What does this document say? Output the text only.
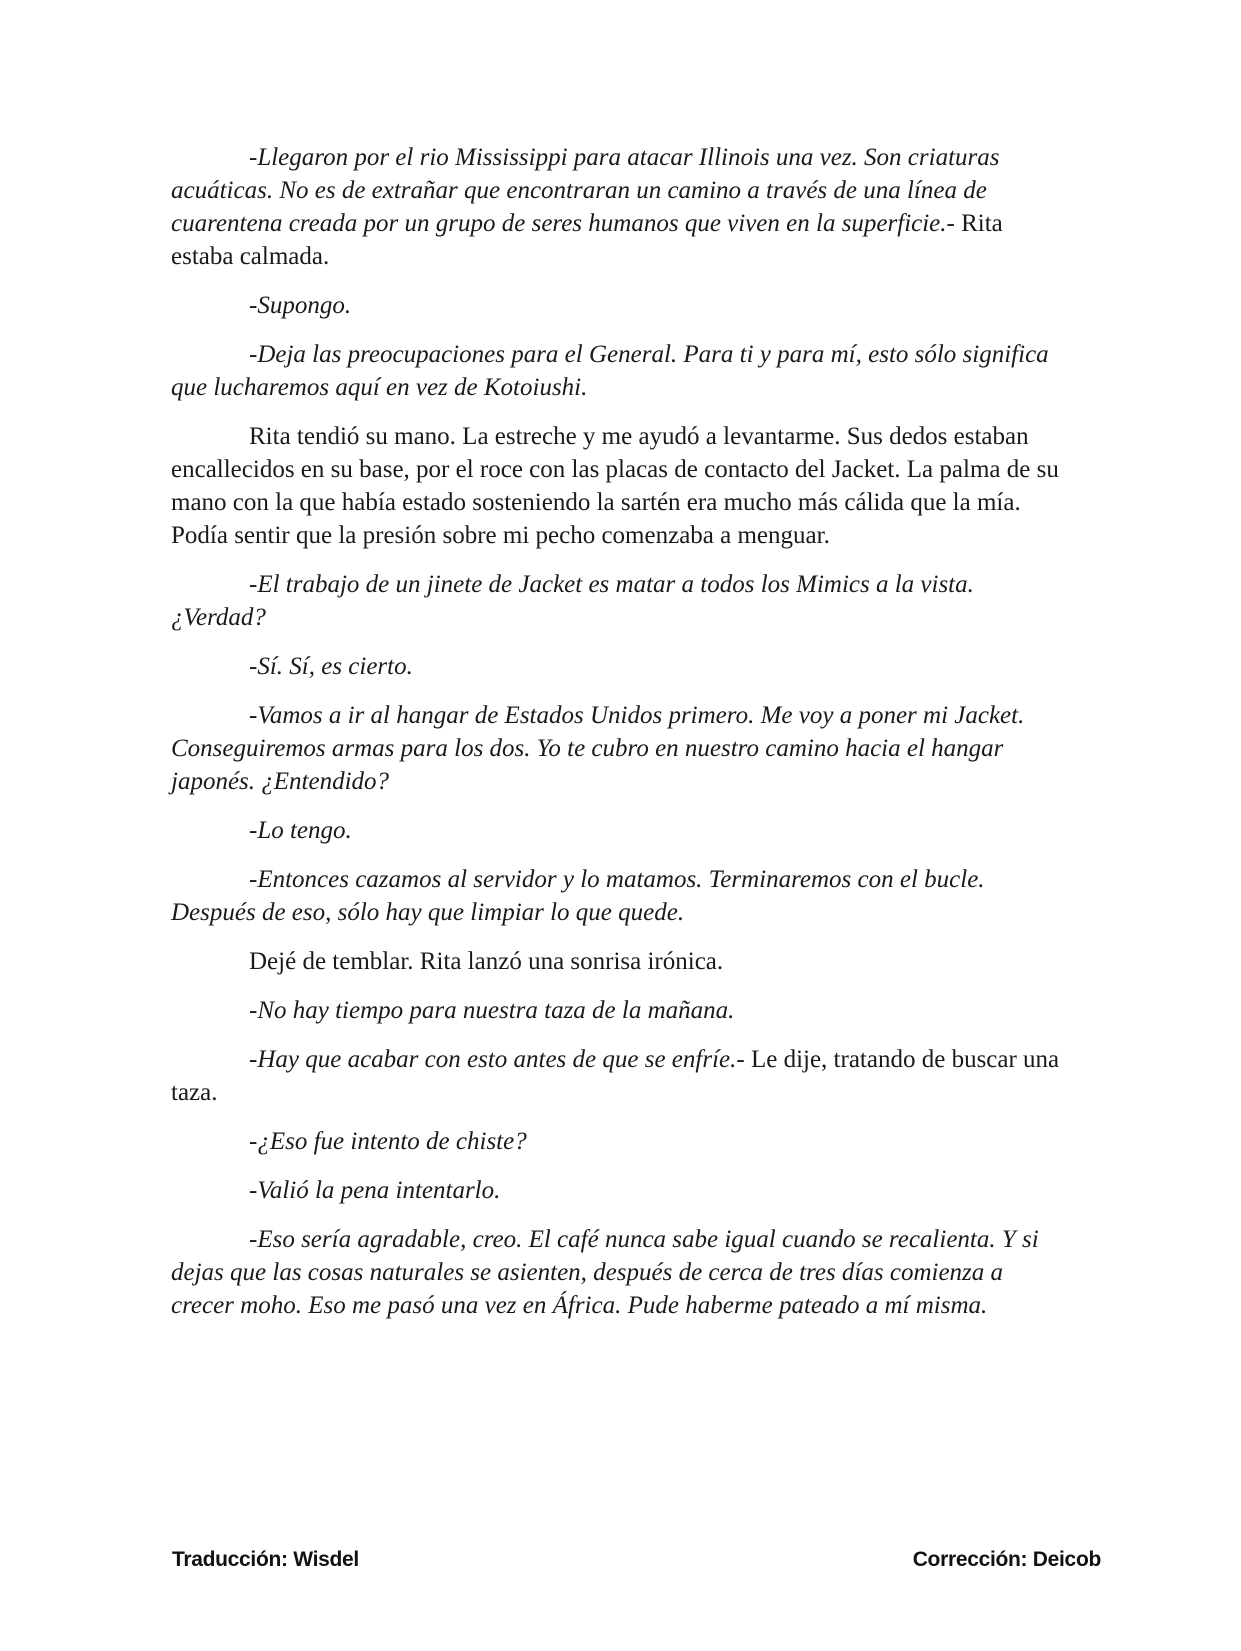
-Llegaron por el rio Mississippi para atacar Illinois una vez. Son criaturas acuáticas. No es de extrañar que encontraran un camino a través de una línea de cuarentena creada por un grupo de seres humanos que viven en la superficie.- Rita estaba calmada.

-Supongo.

-Deja las preocupaciones para el General. Para ti y para mí, esto sólo significa que lucharemos aquí en vez de Kotoiushi.

Rita tendió su mano. La estreche y me ayudó a levantarme. Sus dedos estaban encallecidos en su base, por el roce con las placas de contacto del Jacket. La palma de su mano con la que había estado sosteniendo la sartén era mucho más cálida que la mía. Podía sentir que la presión sobre mi pecho comenzaba a menguar.

-El trabajo de un jinete de Jacket es matar a todos los Mimics a la vista. ¿Verdad?

-Sí. Sí, es cierto.

-Vamos a ir al hangar de Estados Unidos primero. Me voy a poner mi Jacket. Conseguiremos armas para los dos. Yo te cubro en nuestro camino hacia el hangar japonés. ¿Entendido?

-Lo tengo.

-Entonces cazamos al servidor y lo matamos. Terminaremos con el bucle. Después de eso, sólo hay que limpiar lo que quede.

Dejé de temblar. Rita lanzó una sonrisa irónica.

-No hay tiempo para nuestra taza de la mañana.

-Hay que acabar con esto antes de que se enfríe.- Le dije, tratando de buscar una taza.

-¿Eso fue intento de chiste?

-Valió la pena intentarlo.

-Eso sería agradable, creo. El café nunca sabe igual cuando se recalienta. Y si dejas que las cosas naturales se asienten, después de cerca de tres días comienza a crecer moho. Eso me pasó una vez en África. Pude haberme pateado a mí misma.

Traducción: Wisdel	Corrección: Deicob
